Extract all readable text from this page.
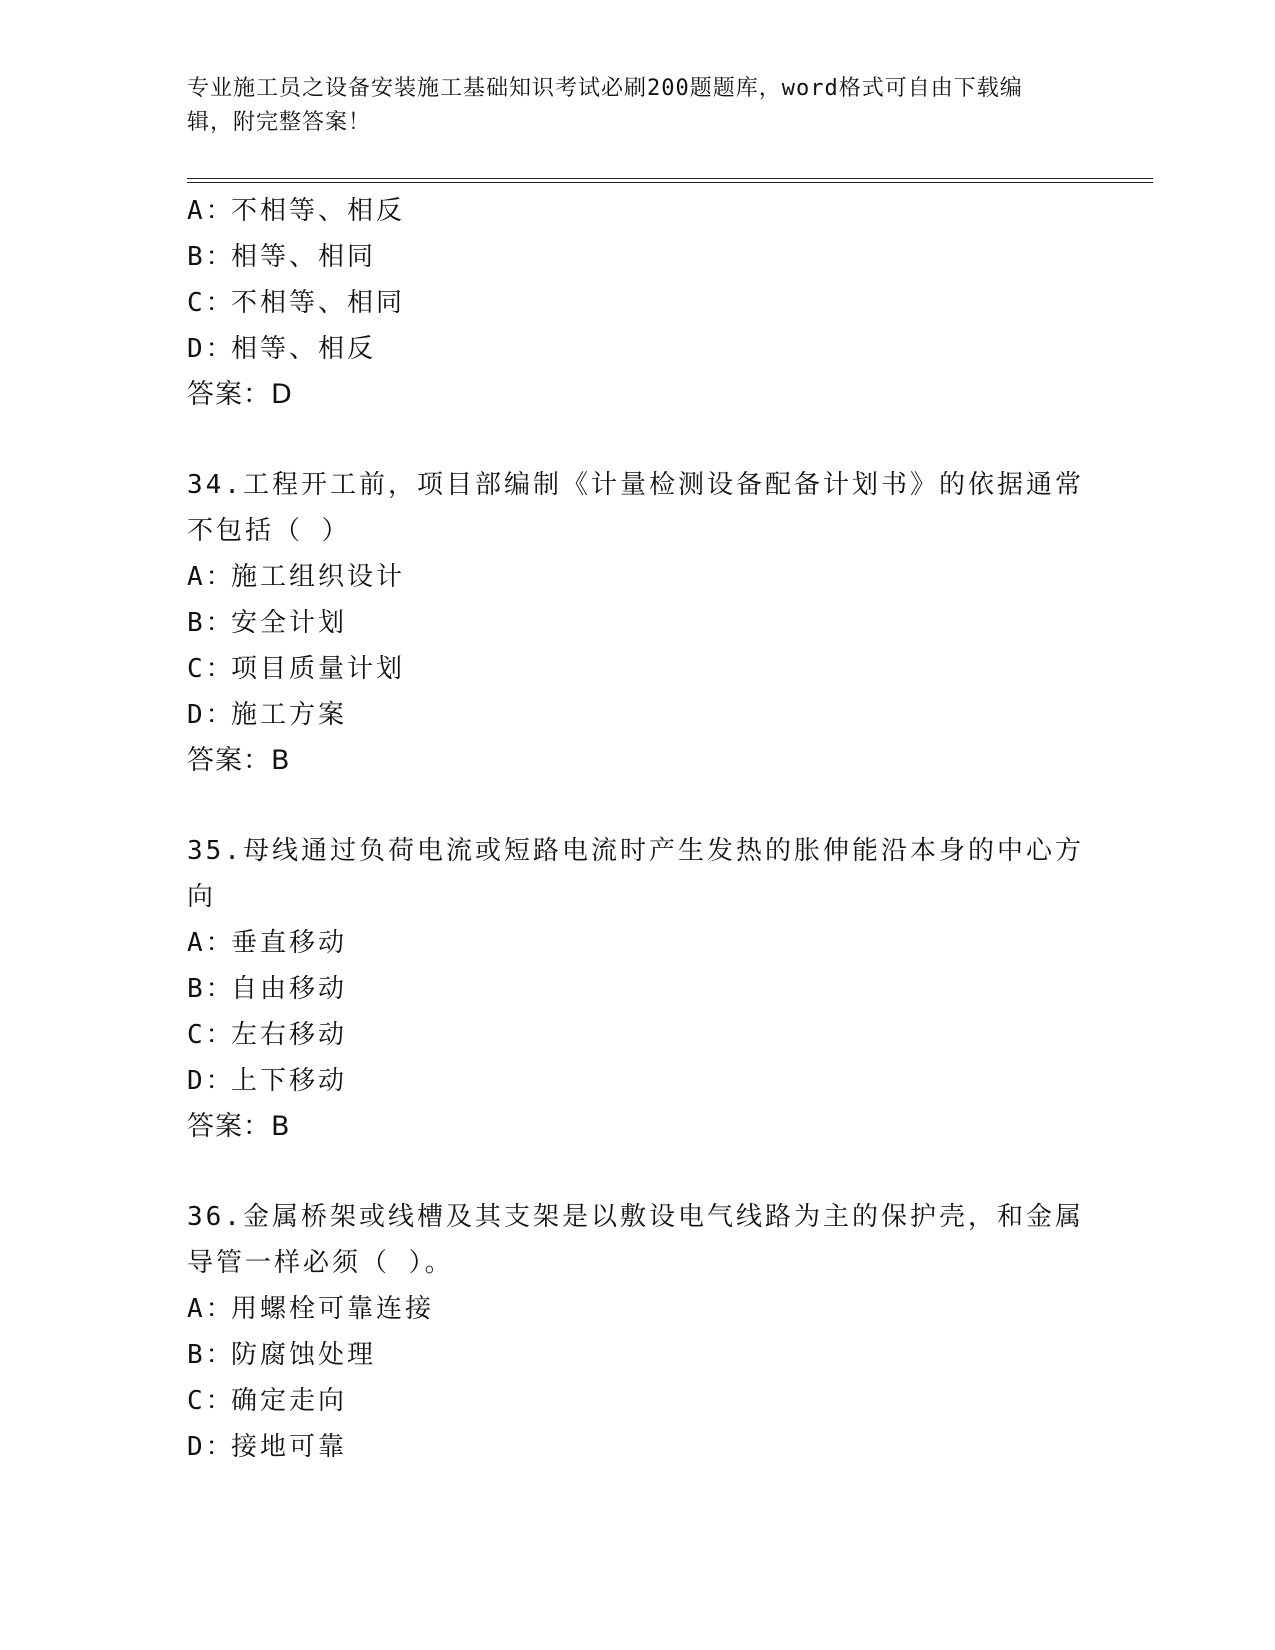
专业施工员之设备安装施工基础知识考试必刷200题题库，word格式可自由下载编辑，附完整答案！
A：不相等、相反
B：相等、相同
C：不相等、相同
D：相等、相反
答案：D
34.工程开工前，项目部编制《计量检测设备配备计划书》的依据通常不包括（ ）
A：施工组织设计
B：安全计划
C：项目质量计划
D：施工方案
答案：B
35.母线通过负荷电流或短路电流时产生发热的胀伸能沿本身的中心方向
A：垂直移动
B：自由移动
C：左右移动
D：上下移动
答案：B
36.金属桥架或线槽及其支架是以敷设电气线路为主的保护壳，和金属导管一样必须（ ）。
A：用螺栓可靠连接
B：防腐蚀处理
C：确定走向
D：接地可靠
